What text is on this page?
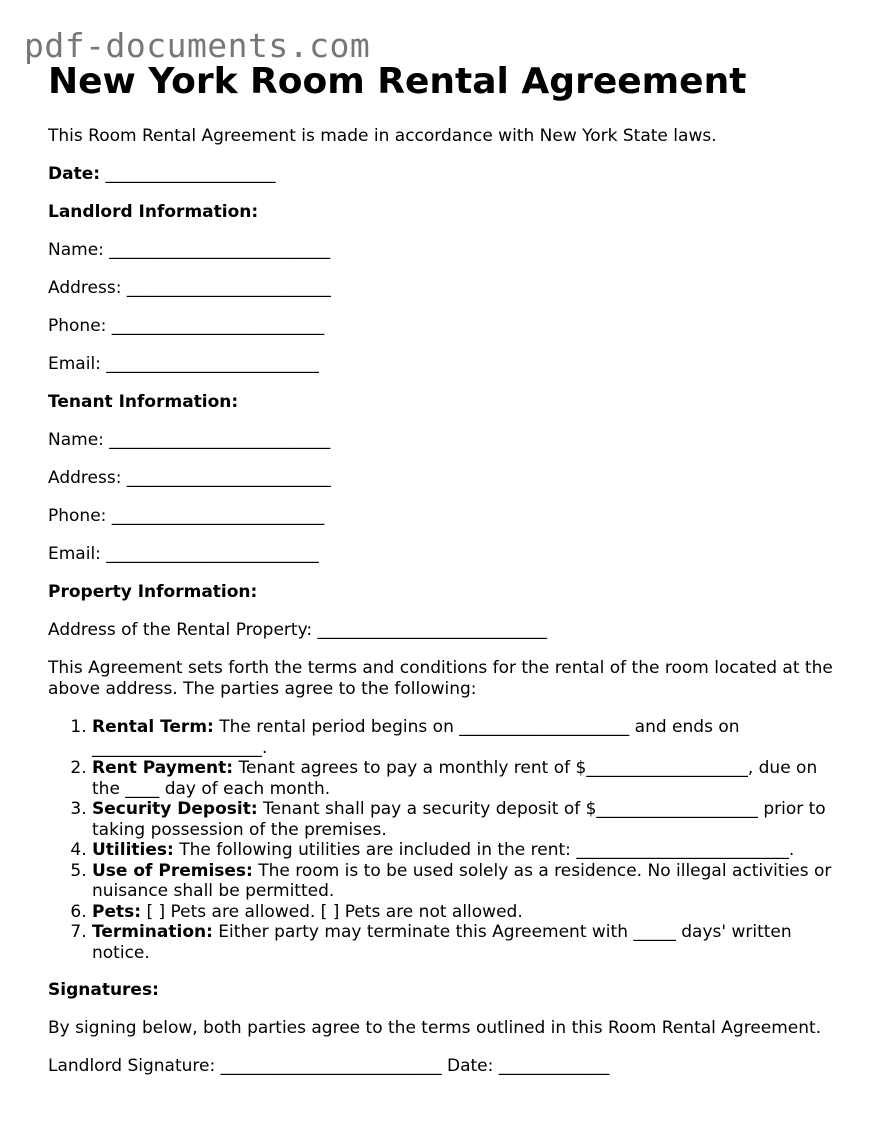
pdf-documents.com
New York Room Rental Agreement

This Room Rental Agreement is made in accordance with New York State laws.

Date: ____________________

Landlord Information:

Name: __________________________

Address: ________________________

Phone: _________________________

Email: _________________________

Tenant Information:

Name: __________________________

Address: ________________________

Phone: _________________________

Email: _________________________

Property Information:

Address of the Rental Property: ___________________________

This Agreement sets forth the terms and conditions for the rental of the room located at the above address. The parties agree to the following:

1. Rental Term: The rental period begins on ____________________ and ends on ____________________.
2. Rent Payment: Tenant agrees to pay a monthly rent of $___________________, due on the ____ day of each month.
3. Security Deposit: Tenant shall pay a security deposit of $___________________ prior to taking possession of the premises.
4. Utilities: The following utilities are included in the rent: _________________________.
5. Use of Premises: The room is to be used solely as a residence. No illegal activities or nuisance shall be permitted.
6. Pets: [ ] Pets are allowed. [ ] Pets are not allowed.
7. Termination: Either party may terminate this Agreement with _____ days' written notice.

Signatures:

By signing below, both parties agree to the terms outlined in this Room Rental Agreement.

Landlord Signature: __________________________ Date: _____________
